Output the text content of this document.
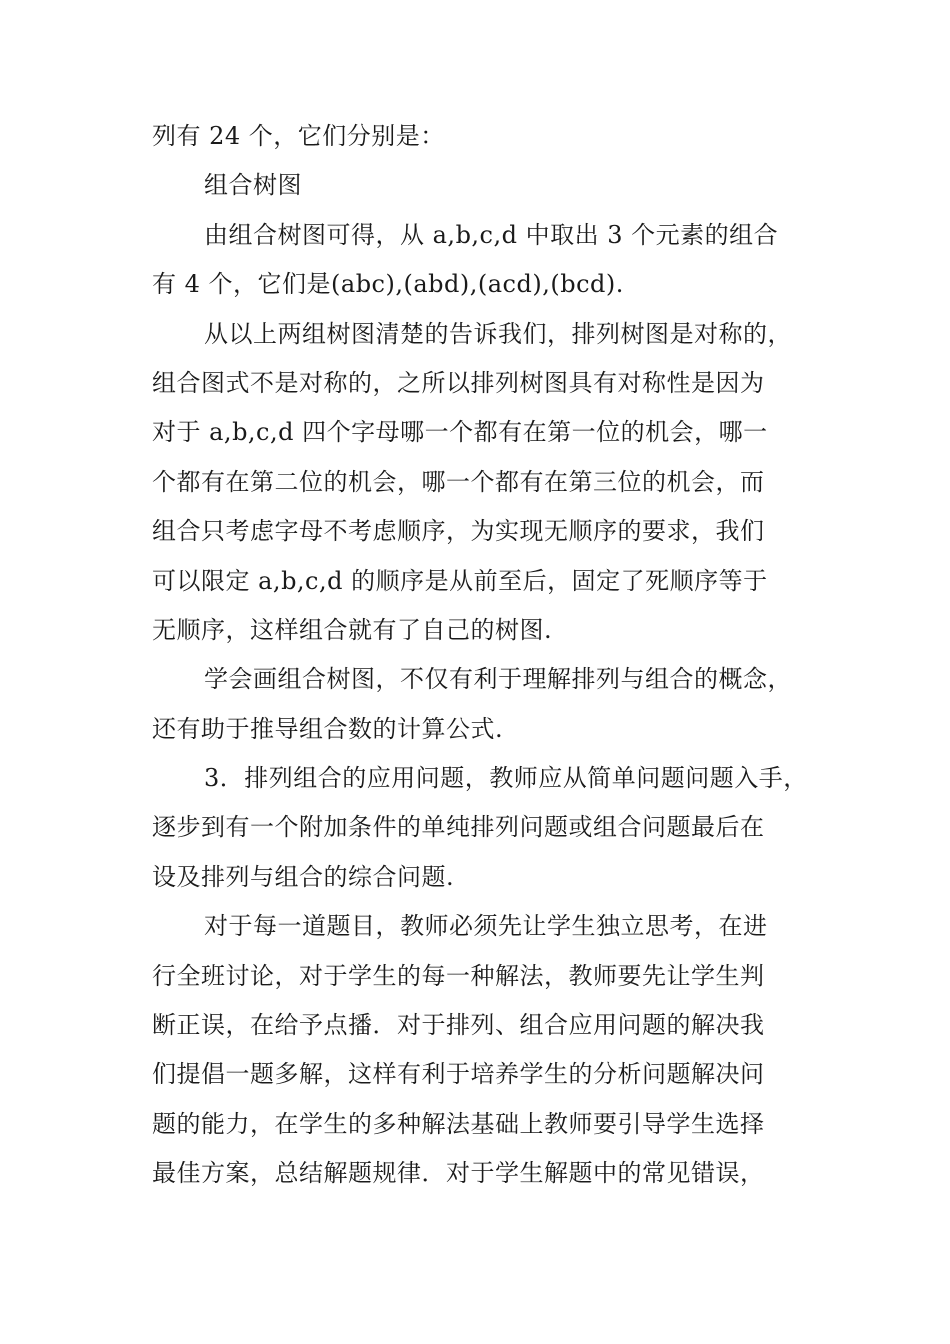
列有 24 个，它们分别是：
组合树图
由组合树图可得，从 a,b,c,d 中取出 3 个元素的组合
有 4 个，它们是(abc),(abd),(acd),(bcd).
从以上两组树图清楚的告诉我们，排列树图是对称的，
组合图式不是对称的，之所以排列树图具有对称性是因为
对于 a,b,c,d 四个字母哪一个都有在第一位的机会，哪一
个都有在第二位的机会，哪一个都有在第三位的机会，而
组合只考虑字母不考虑顺序，为实现无顺序的要求，我们
可以限定 a,b,c,d 的顺序是从前至后，固定了死顺序等于
无顺序，这样组合就有了自己的树图.
学会画组合树图，不仅有利于理解排列与组合的概念，
还有助于推导组合数的计算公式.
3．排列组合的应用问题，教师应从简单问题问题入手，
逐步到有一个附加条件的单纯排列问题或组合问题最后在
设及排列与组合的综合问题.
对于每一道题目，教师必须先让学生独立思考，在进
行全班讨论，对于学生的每一种解法，教师要先让学生判
断正误，在给予点播．对于排列、组合应用问题的解决我
们提倡一题多解，这样有利于培养学生的分析问题解决问
题的能力，在学生的多种解法基础上教师要引导学生选择
最佳方案，总结解题规律．对于学生解题中的常见错误，
